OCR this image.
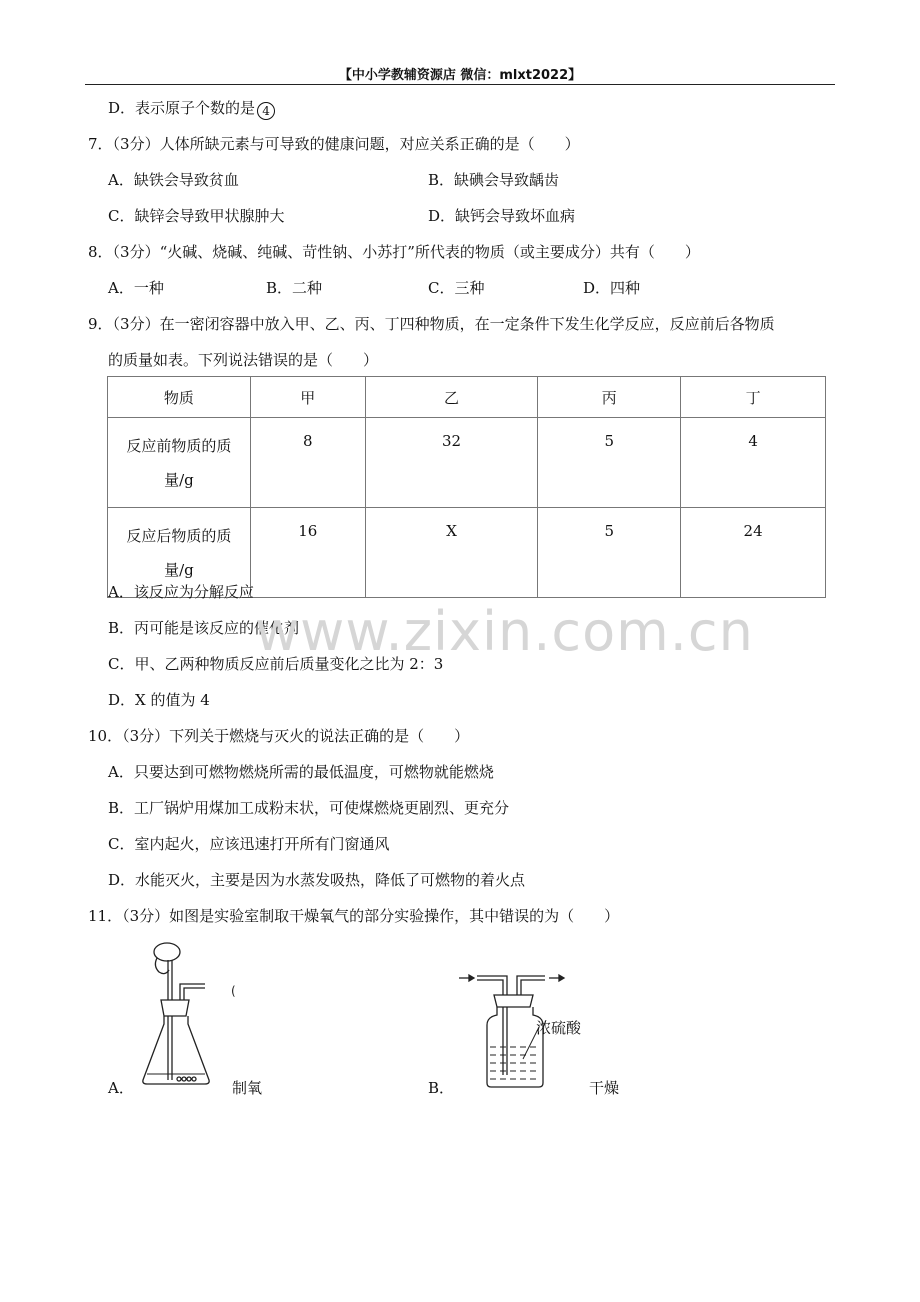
【中小学教辅资源店 微信：mlxt2022】
D．表示原子个数的是 4
7．（3分）人体所缺元素与可导致的健康问题，对应关系正确的是（　　）
A．缺铁会导致贫血	B．缺碘会导致龋齿
C．缺锌会导致甲状腺肿大	D．缺钙会导致坏血病
8．（3分）“火碱、烧碱、纯碱、苛性钠、小苏打”所代表的物质（或主要成分）共有（　　）
A．一种	B．二种	C．三种	D．四种
9．（3分）在一密闭容器中放入甲、乙、丙、丁四种物质，在一定条件下发生化学反应，反应前后各物质
的质量如表。下列说法错误的是（　　）
物质	甲	乙	丙	丁

反应前物质的质
量/g	8	32	5	4

反应后物质的质
量/g	16	X	5	24
A．该反应为分解反应
B．丙可能是该反应的催化剂
C．甲、乙两种物质反应前后质量变化之比为 2：3
D．X 的值为 4
www.zixin.com.cn
10．（3分）下列关于燃烧与灭火的说法正确的是（　　）
A．只要达到可燃物燃烧所需的最低温度，可燃物就能燃烧
B．工厂锅炉用煤加工成粉末状，可使煤燃烧更剧烈、更充分
C．室内起火，应该迅速打开所有门窗通风
D．水能灭火，主要是因为水蒸发吸热，降低了可燃物的着火点
11．（3分）如图是实验室制取干燥氧气的部分实验操作，其中错误的为（　　）
(
A．	制氧
浓硫酸
B．	干燥
